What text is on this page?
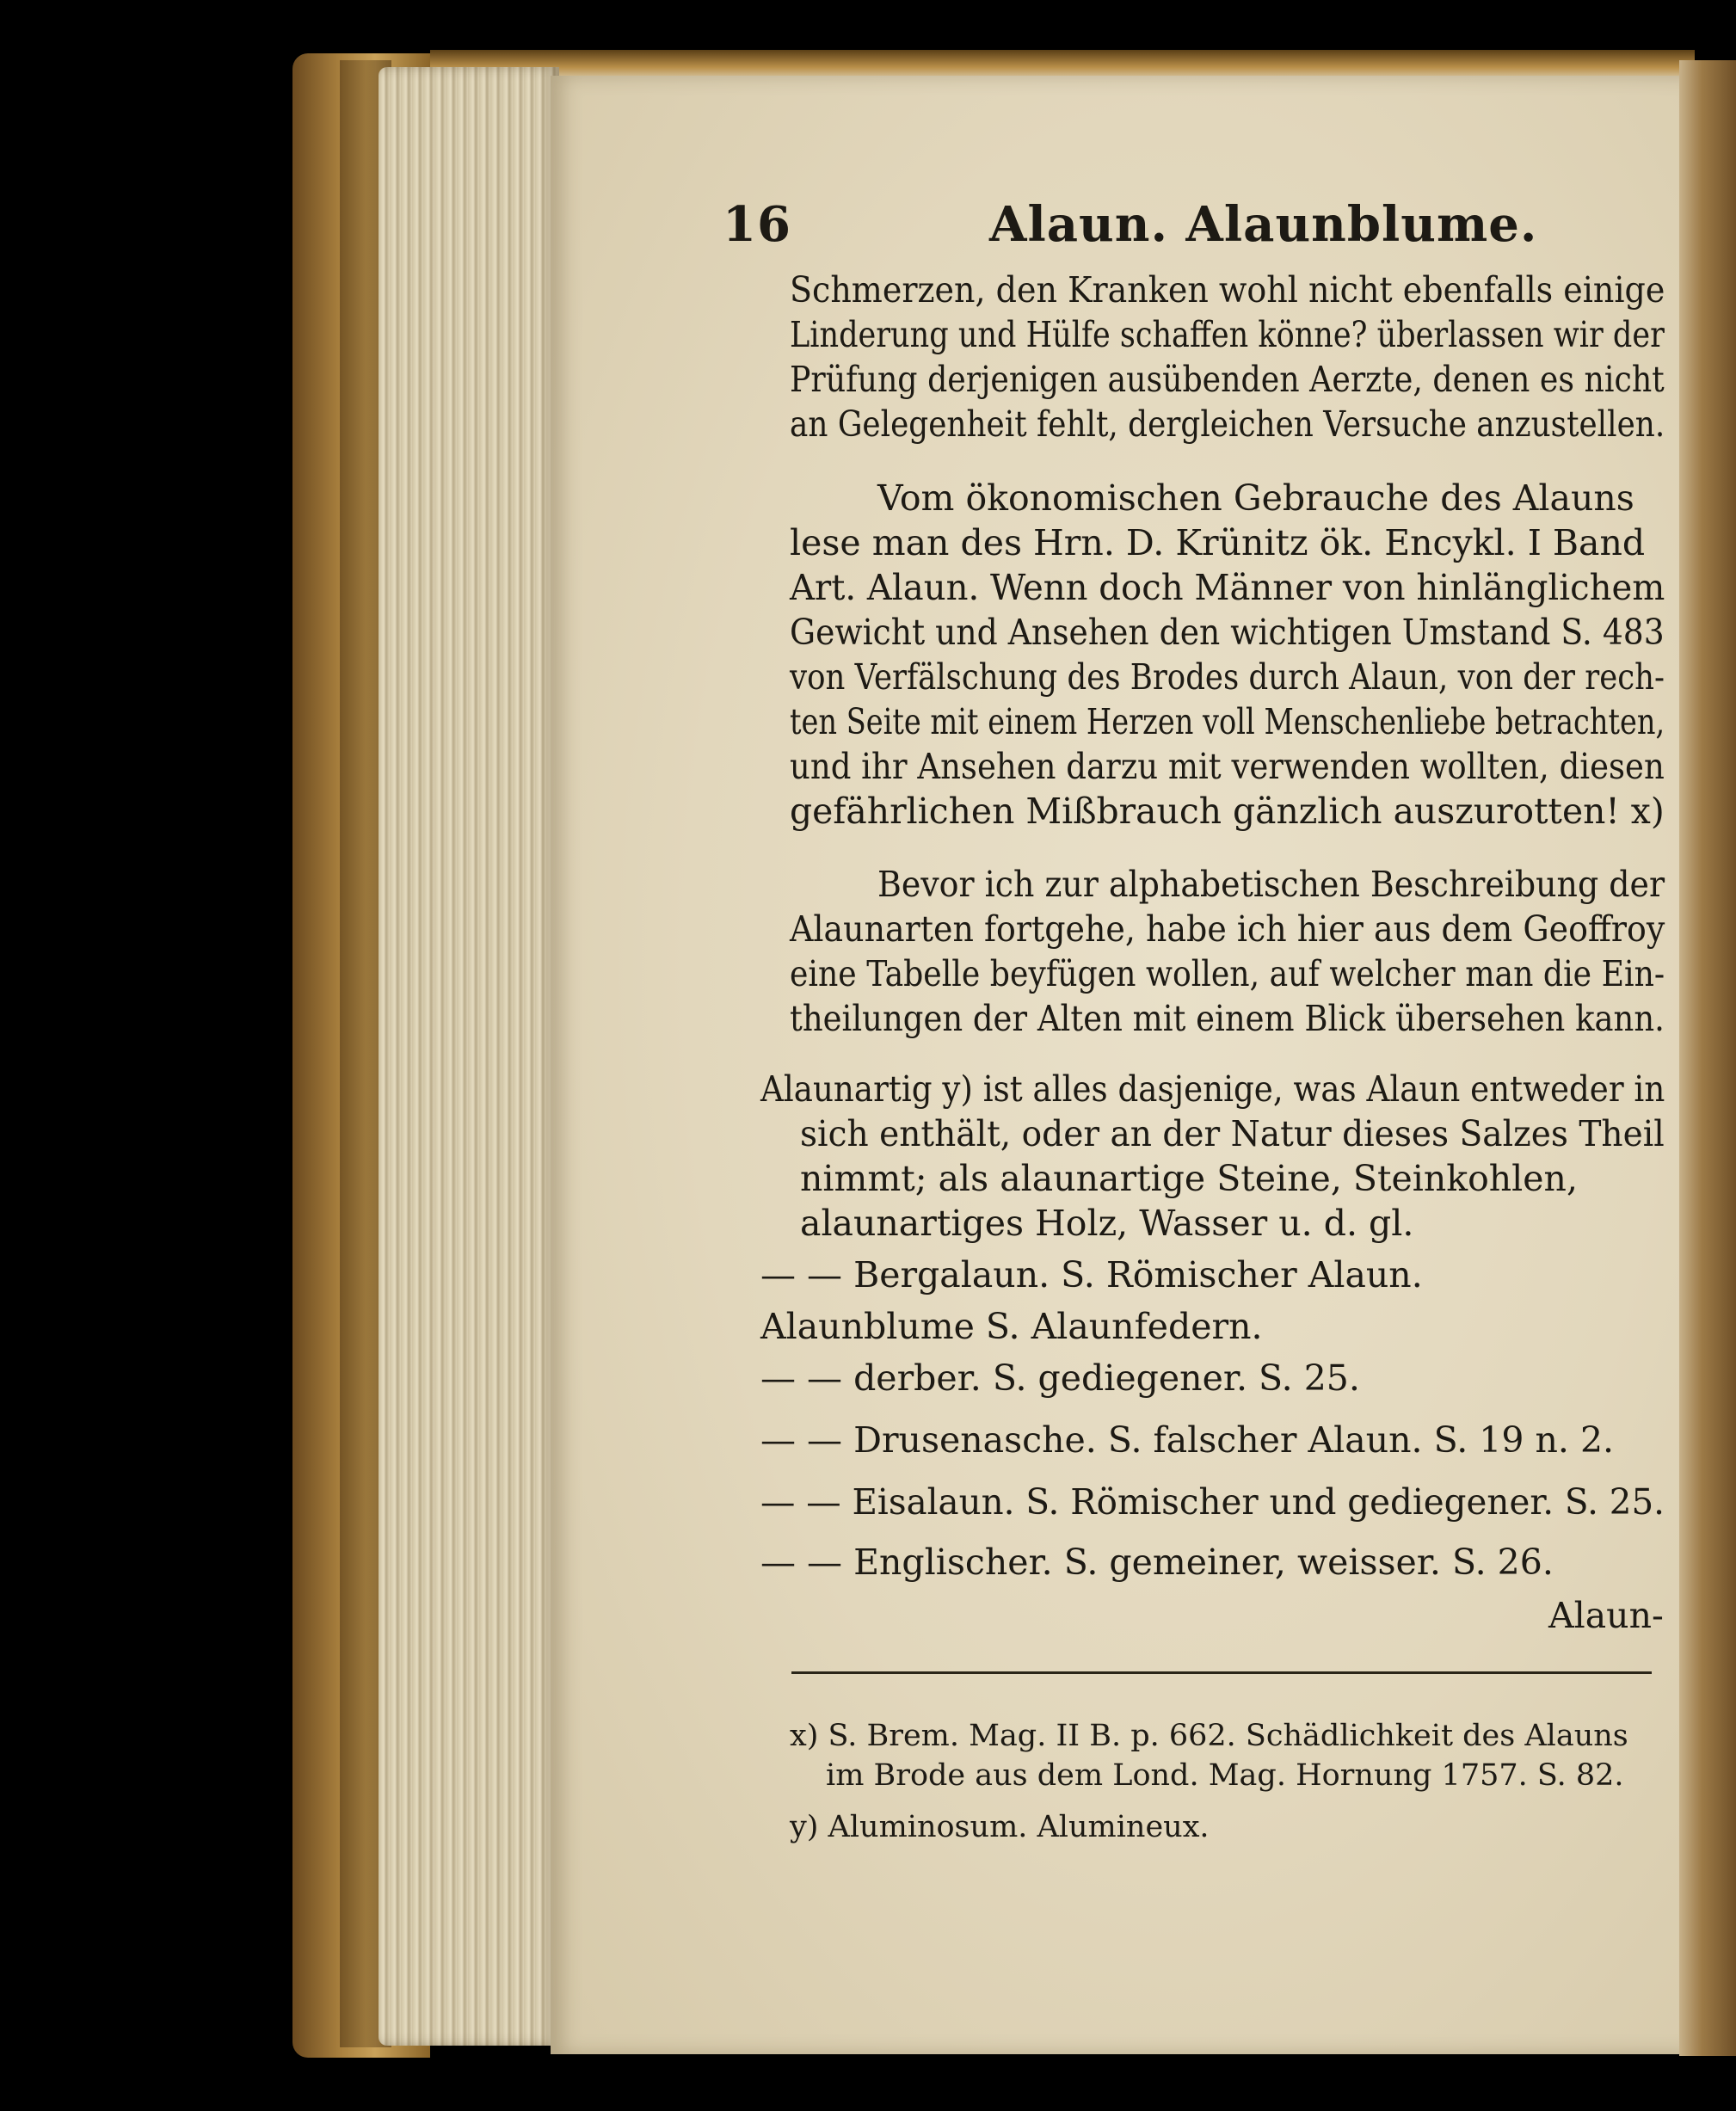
16	Alaun. Alaunblume.
Schmerzen, den Kranken wohl nicht ebenfalls einige
Linderung und Hülfe schaffen könne? überlassen wir der
Prüfung derjenigen ausübenden Aerzte, denen es nicht
an Gelegenheit fehlt, dergleichen Versuche anzustellen.
Vom ökonomischen Gebrauche des Alauns
lese man des Hrn. D. Krünitz ök. Encykl. I Band
Art. Alaun. Wenn doch Männer von hinlänglichem
Gewicht und Ansehen den wichtigen Umstand S. 483
von Verfälschung des Brodes durch Alaun, von der rech-
ten Seite mit einem Herzen voll Menschenliebe betrachten,
und ihr Ansehen darzu mit verwenden wollten, diesen
gefährlichen Mißbrauch gänzlich auszurotten! x)
Bevor ich zur alphabetischen Beschreibung der
Alaunarten fortgehe, habe ich hier aus dem Geoffroy
eine Tabelle beyfügen wollen, auf welcher man die Ein-
theilungen der Alten mit einem Blick übersehen kann.
Alaunartig y) ist alles dasjenige, was Alaun entweder in
sich enthält, oder an der Natur dieses Salzes Theil
nimmt; als alaunartige Steine, Steinkohlen,
alaunartiges Holz, Wasser u. d. gl.
— — Bergalaun. S. Römischer Alaun.
Alaunblume S. Alaunfedern.
— — derber. S. gediegener. S. 25.
— — Drusenasche. S. falscher Alaun. S. 19 n. 2.
— — Eisalaun. S. Römischer und gediegener. S. 25.
— — Englischer. S. gemeiner, weisser. S. 26.
Alaun-
x) S. Brem. Mag. II B. p. 662. Schädlichkeit des Alauns
im Brode aus dem Lond. Mag. Hornung 1757. S. 82.
y) Aluminosum. Alumineux.
